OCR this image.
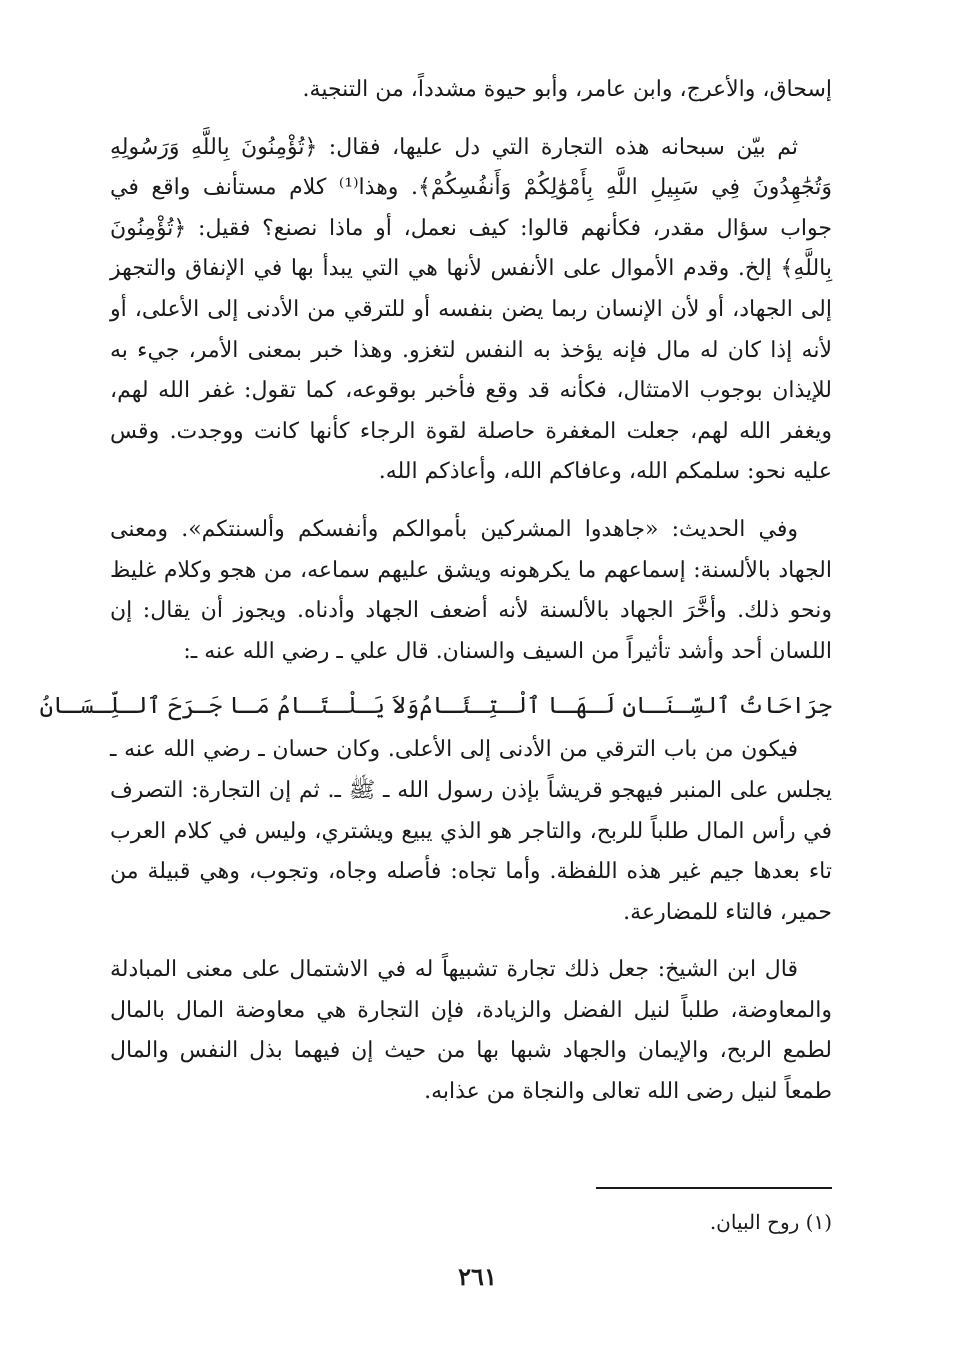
إسحاق، والأعرج، وابن عامر، وأبو حيوة مشدداً، من التنجية.

ثم بيّن سبحانه هذه التجارة التي دل عليها، فقال: ﴿تُؤْمِنُونَ بِاللَّهِ وَرَسُولِهِ وَتُجَٰهِدُونَ فِي سَبِيلِ اللَّهِ بِأَمْوَٰلِكُمْ وَأَنفُسِكُمْ﴾. وهذا⁽¹⁾ كلام مستأنف واقع في جواب سؤال مقدر، فكأنهم قالوا: كيف نعمل، أو ماذا نصنع؟ فقيل: ﴿تُؤْمِنُونَ بِاللَّهِ﴾ إلخ. وقدم الأموال على الأنفس لأنها هي التي يبدأ بها في الإنفاق والتجهز إلى الجهاد، أو لأن الإنسان ربما يضن بنفسه أو للترقي من الأدنى إلى الأعلى، أو لأنه إذا كان له مال فإنه يؤخذ به النفس لتغزو. وهذا خبر بمعنى الأمر، جيء به للإيذان بوجوب الامتثال، فكأنه قد وقع فأخبر بوقوعه، كما تقول: غفر الله لهم، ويغفر الله لهم، جعلت المغفرة حاصلة لقوة الرجاء كأنها كانت ووجدت. وقس عليه نحو: سلمكم الله، وعافاكم الله، وأعاذكم الله.

وفي الحديث: «جاهدوا المشركين بأموالكم وأنفسكم وألسنتكم». ومعنى الجهاد بالألسنة: إسماعهم ما يكرهونه ويشق عليهم سماعه، من هجو وكلام غليظ ونحو ذلك. وأخَّرَ الجهاد بالألسنة لأنه أضعف الجهاد وأدناه. ويجوز أن يقال: إن اللسان أحد وأشد تأثيراً من السيف والسنان. قال علي ـ رضي الله عنه ـ:

جِرَاحَاتُ ٱلسِّـنَـانِ لَـهَـا ٱلْـتِـئَـامُ
وَلاَ يَـلْـتَـامُ مَـا جَـرَحَ ٱلـلِّـسَـانُ

فيكون من باب الترقي من الأدنى إلى الأعلى. وكان حسان ـ رضي الله عنه ـ يجلس على المنبر فيهجو قريشاً بإذن رسول الله ـ ﷺ ـ. ثم إن التجارة: التصرف في رأس المال طلباً للربح، والتاجر هو الذي يبيع ويشتري، وليس في كلام العرب تاء بعدها جيم غير هذه اللفظة. وأما تجاه: فأصله وجاه، وتجوب، وهي قبيلة من حمير، فالتاء للمضارعة.

قال ابن الشيخ: جعل ذلك تجارة تشبيهاً له في الاشتمال على معنى المبادلة والمعاوضة، طلباً لنيل الفضل والزيادة، فإن التجارة هي معاوضة المال بالمال لطمع الربح، والإيمان والجهاد شبها بها من حيث إن فيهما بذل النفس والمال طمعاً لنيل رضى الله تعالى والنجاة من عذابه.

(١) روح البيان.
٢٦١
